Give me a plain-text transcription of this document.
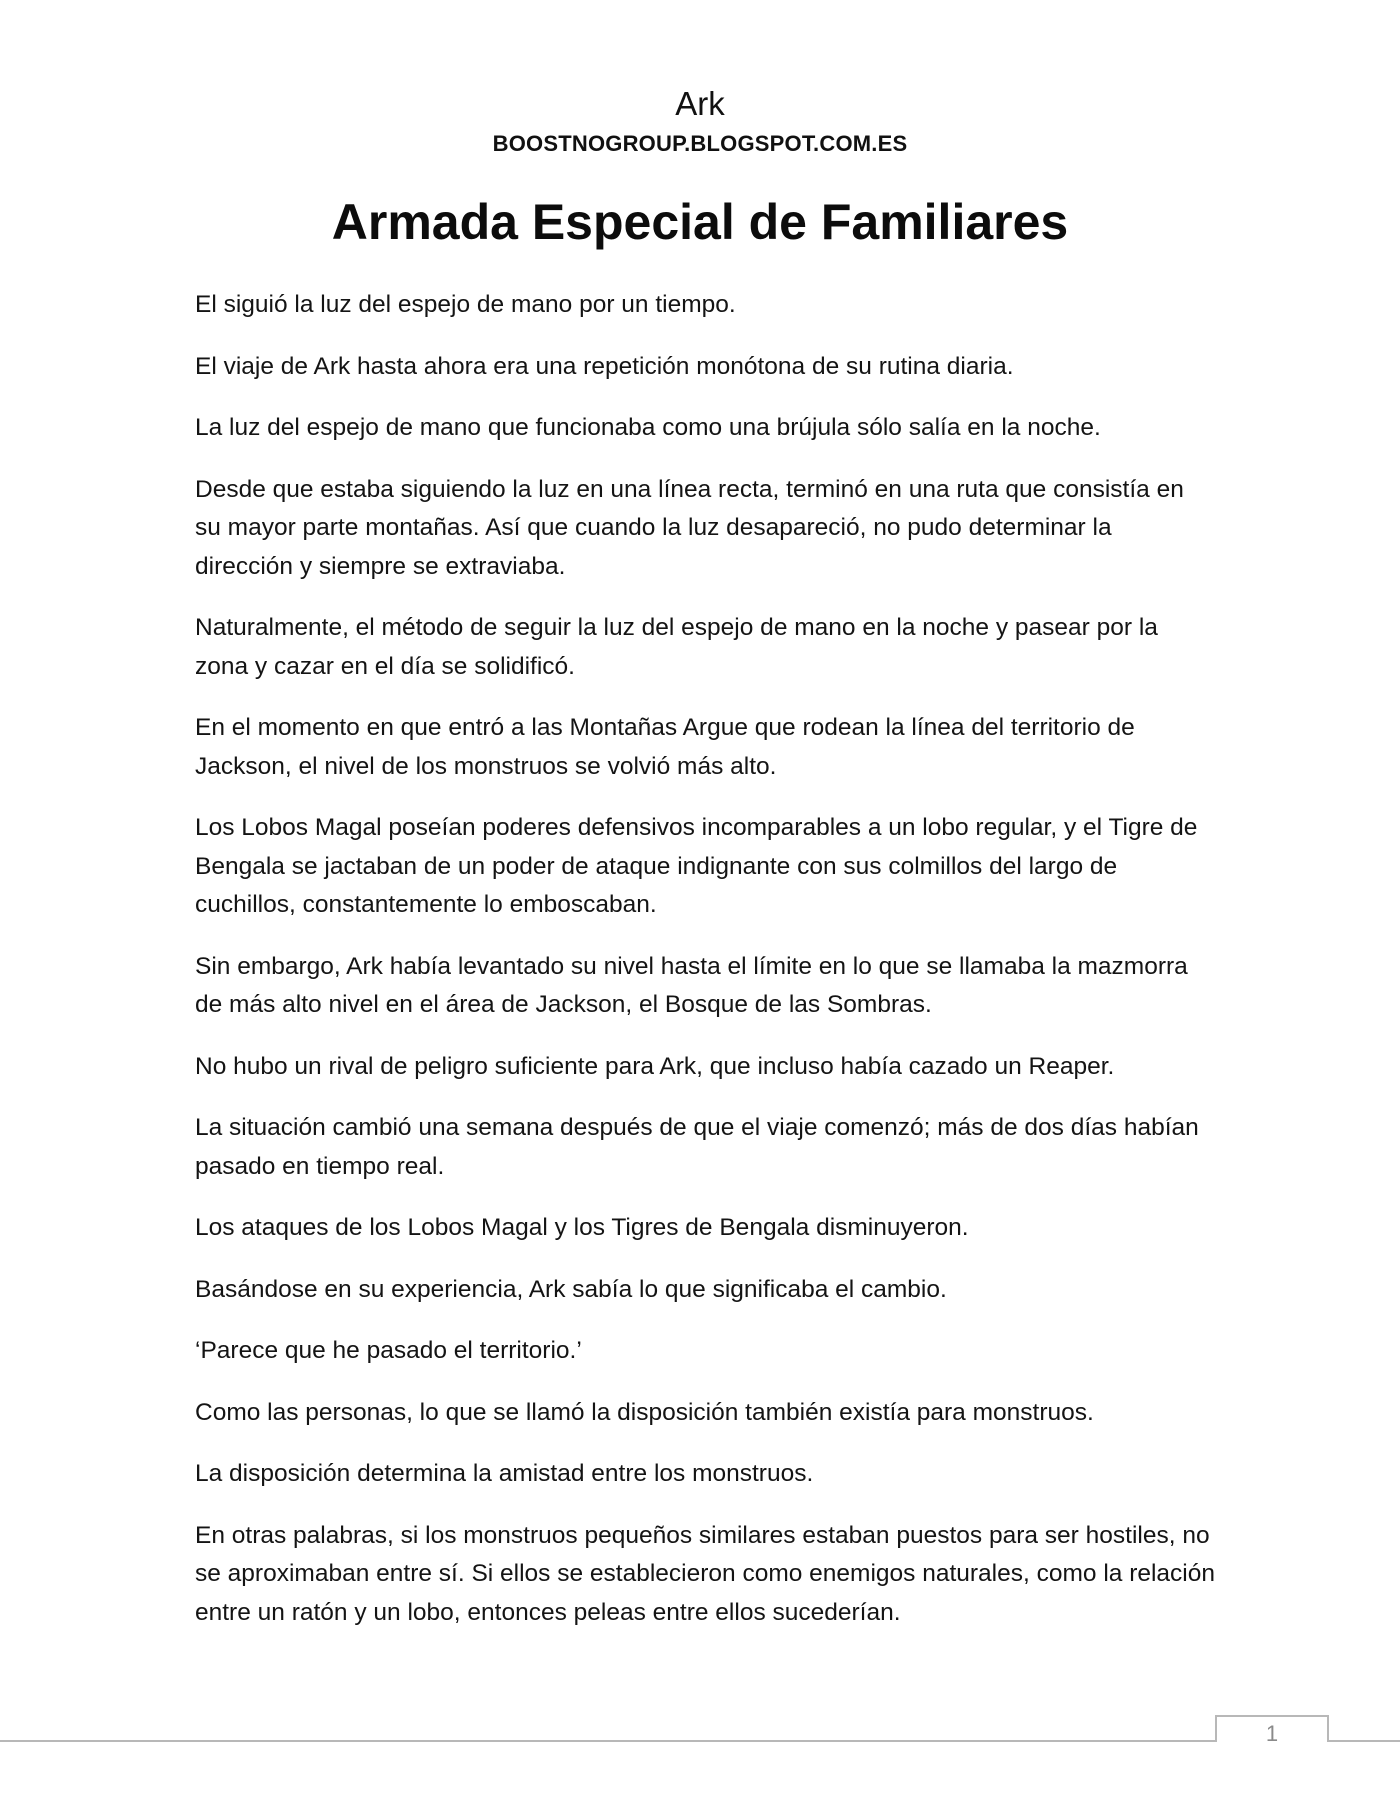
Ark
BOOSTNOGROUP.BLOGSPOT.COM.ES
Armada Especial de Familiares

El siguió la luz del espejo de mano por un tiempo.

El viaje de Ark hasta ahora era una repetición monótona de su rutina diaria.

La luz del espejo de mano que funcionaba como una brújula sólo salía en la noche.

Desde que estaba siguiendo la luz en una línea recta, terminó en una ruta que consistía en su mayor parte montañas. Así que cuando la luz desapareció, no pudo determinar la dirección y siempre se extraviaba.

Naturalmente, el método de seguir la luz del espejo de mano en la noche y pasear por la zona y cazar en el día se solidificó.

En el momento en que entró a las Montañas Argue que rodean la línea del territorio de Jackson, el nivel de los monstruos se volvió más alto.

Los Lobos Magal poseían poderes defensivos incomparables a un lobo regular, y el Tigre de Bengala se jactaban de un poder de ataque indignante con sus colmillos del largo de cuchillos, constantemente lo emboscaban.

Sin embargo, Ark había levantado su nivel hasta el límite en lo que se llamaba la mazmorra de más alto nivel en el área de Jackson, el Bosque de las Sombras.

No hubo un rival de peligro suficiente para Ark, que incluso había cazado un Reaper.

La situación cambió una semana después de que el viaje comenzó; más de dos días habían pasado en tiempo real.

Los ataques de los Lobos Magal y los Tigres de Bengala disminuyeron.

Basándose en su experiencia, Ark sabía lo que significaba el cambio.

‘Parece que he pasado el territorio.’

Como las personas, lo que se llamó la disposición también existía para monstruos.

La disposición determina la amistad entre los monstruos.

En otras palabras, si los monstruos pequeños similares estaban puestos para ser hostiles, no se aproximaban entre sí. Si ellos se establecieron como enemigos naturales, como la relación entre un ratón y un lobo, entonces peleas entre ellos sucederían.

1
